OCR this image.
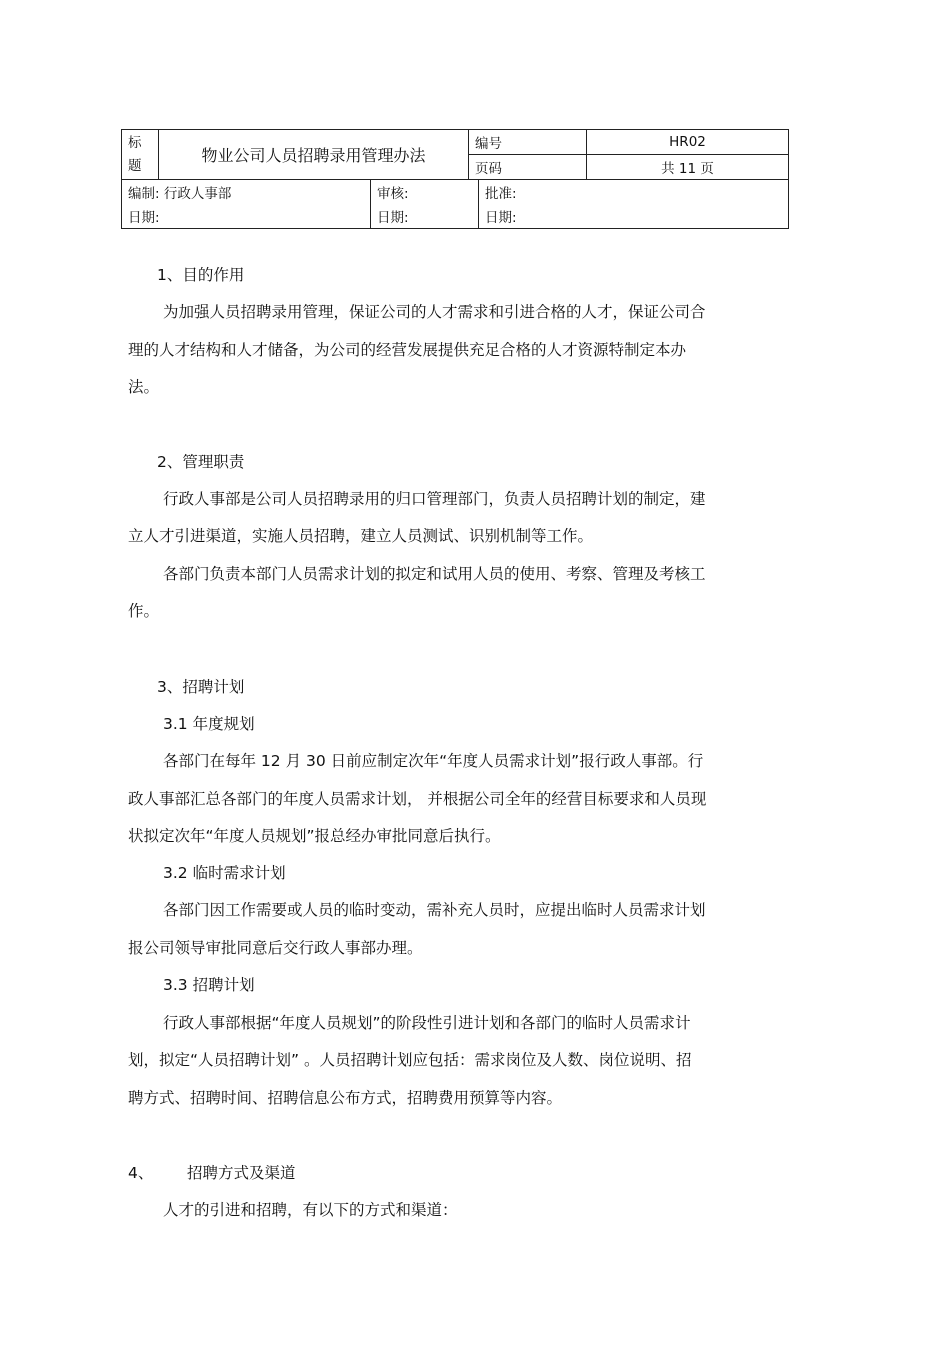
标
题	物业公司人员招聘录用管理办法		编号		HR02
			页码		共 11 页
编制: 行政人事部		审核:		批准:	
日期:		日期:		日期:	
1、目的作用
为加强人员招聘录用管理，保证公司的人才需求和引进合格的人才，保证公司合
理的人才结构和人才储备，为公司的经营发展提供充足合格的人才资源特制定本办
法。
2、管理职责
行政人事部是公司人员招聘录用的归口管理部门，负责人员招聘计划的制定，建
立人才引进渠道，实施人员招聘，建立人员测试、识别机制等工作。
各部门负责本部门人员需求计划的拟定和试用人员的使用、考察、管理及考核工
作。
3、招聘计划
3.1 年度规划
各部门在每年 12 月 30 日前应制定次年“年度人员需求计划”报行政人事部。行
政人事部汇总各部门的年度人员需求计划， 并根据公司全年的经营目标要求和人员现
状拟定次年“年度人员规划”报总经办审批同意后执行。
3.2 临时需求计划
各部门因工作需要或人员的临时变动，需补充人员时，应提出临时人员需求计划
报公司领导审批同意后交行政人事部办理。
3.3 招聘计划
行政人事部根据“年度人员规划”的阶段性引进计划和各部门的临时人员需求计
划，拟定“人员招聘计划” 。人员招聘计划应包括：需求岗位及人数、岗位说明、招
聘方式、招聘时间、招聘信息公布方式，招聘费用预算等内容。
4、 招聘方式及渠道
人才的引进和招聘，有以下的方式和渠道：
